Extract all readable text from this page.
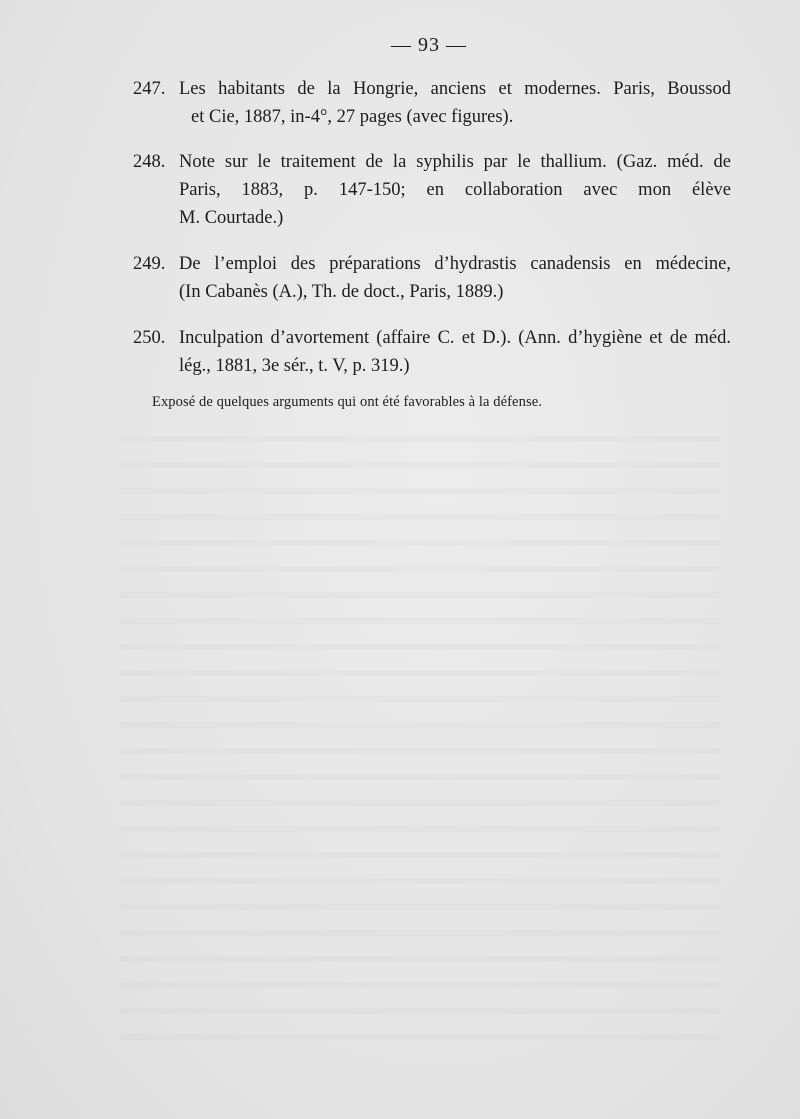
— 93 —
247. Les habitants de la Hongrie, anciens et modernes. Paris, Boussod
et Cie, 1887, in-4°, 27 pages (avec figures).
248. Note sur le traitement de la syphilis par le thallium. (Gaz. méd. de
Paris, 1883, p. 147-150; en collaboration avec mon élève
M. Courtade.)
249. De l’emploi des préparations d’hydrastis canadensis en médecine,
(In Cabanès (A.), Th. de doct., Paris, 1889.)
250. Inculpation d’avortement (affaire C. et D.). (Ann. d’hygiène et de méd.
lég., 1881, 3e sér., t. V, p. 319.)
Exposé de quelques arguments qui ont été favorables à la défense.
